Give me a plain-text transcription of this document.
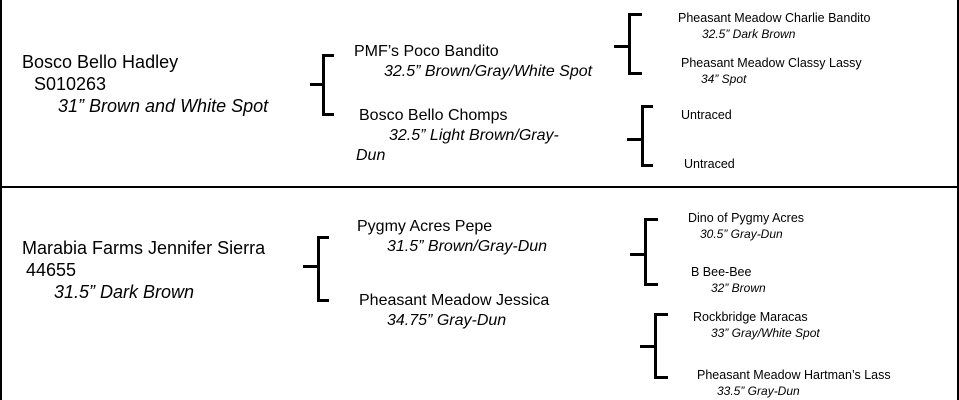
Bosco Bello Hadley
S010263
31” Brown and White Spot
PMF’s Poco Bandito
32.5” Brown/Gray/White Spot
Pheasant Meadow Charlie Bandito
32.5” Dark Brown
Pheasant Meadow Classy Lassy
34” Spot
Bosco Bello Chomps
32.5” Light Brown/Gray-
Dun
Untraced
Untraced
Marabia Farms Jennifer Sierra
44655
31.5” Dark Brown
Pygmy Acres Pepe
31.5” Brown/Gray-Dun
Dino of Pygmy Acres
30.5” Gray-Dun
B Bee-Bee
32” Brown
Pheasant Meadow Jessica
34.75” Gray-Dun	Rockbridge Maracas
33” Gray/White Spot
Pheasant Meadow Hartman’s Lass
33.5” Gray-Dun
